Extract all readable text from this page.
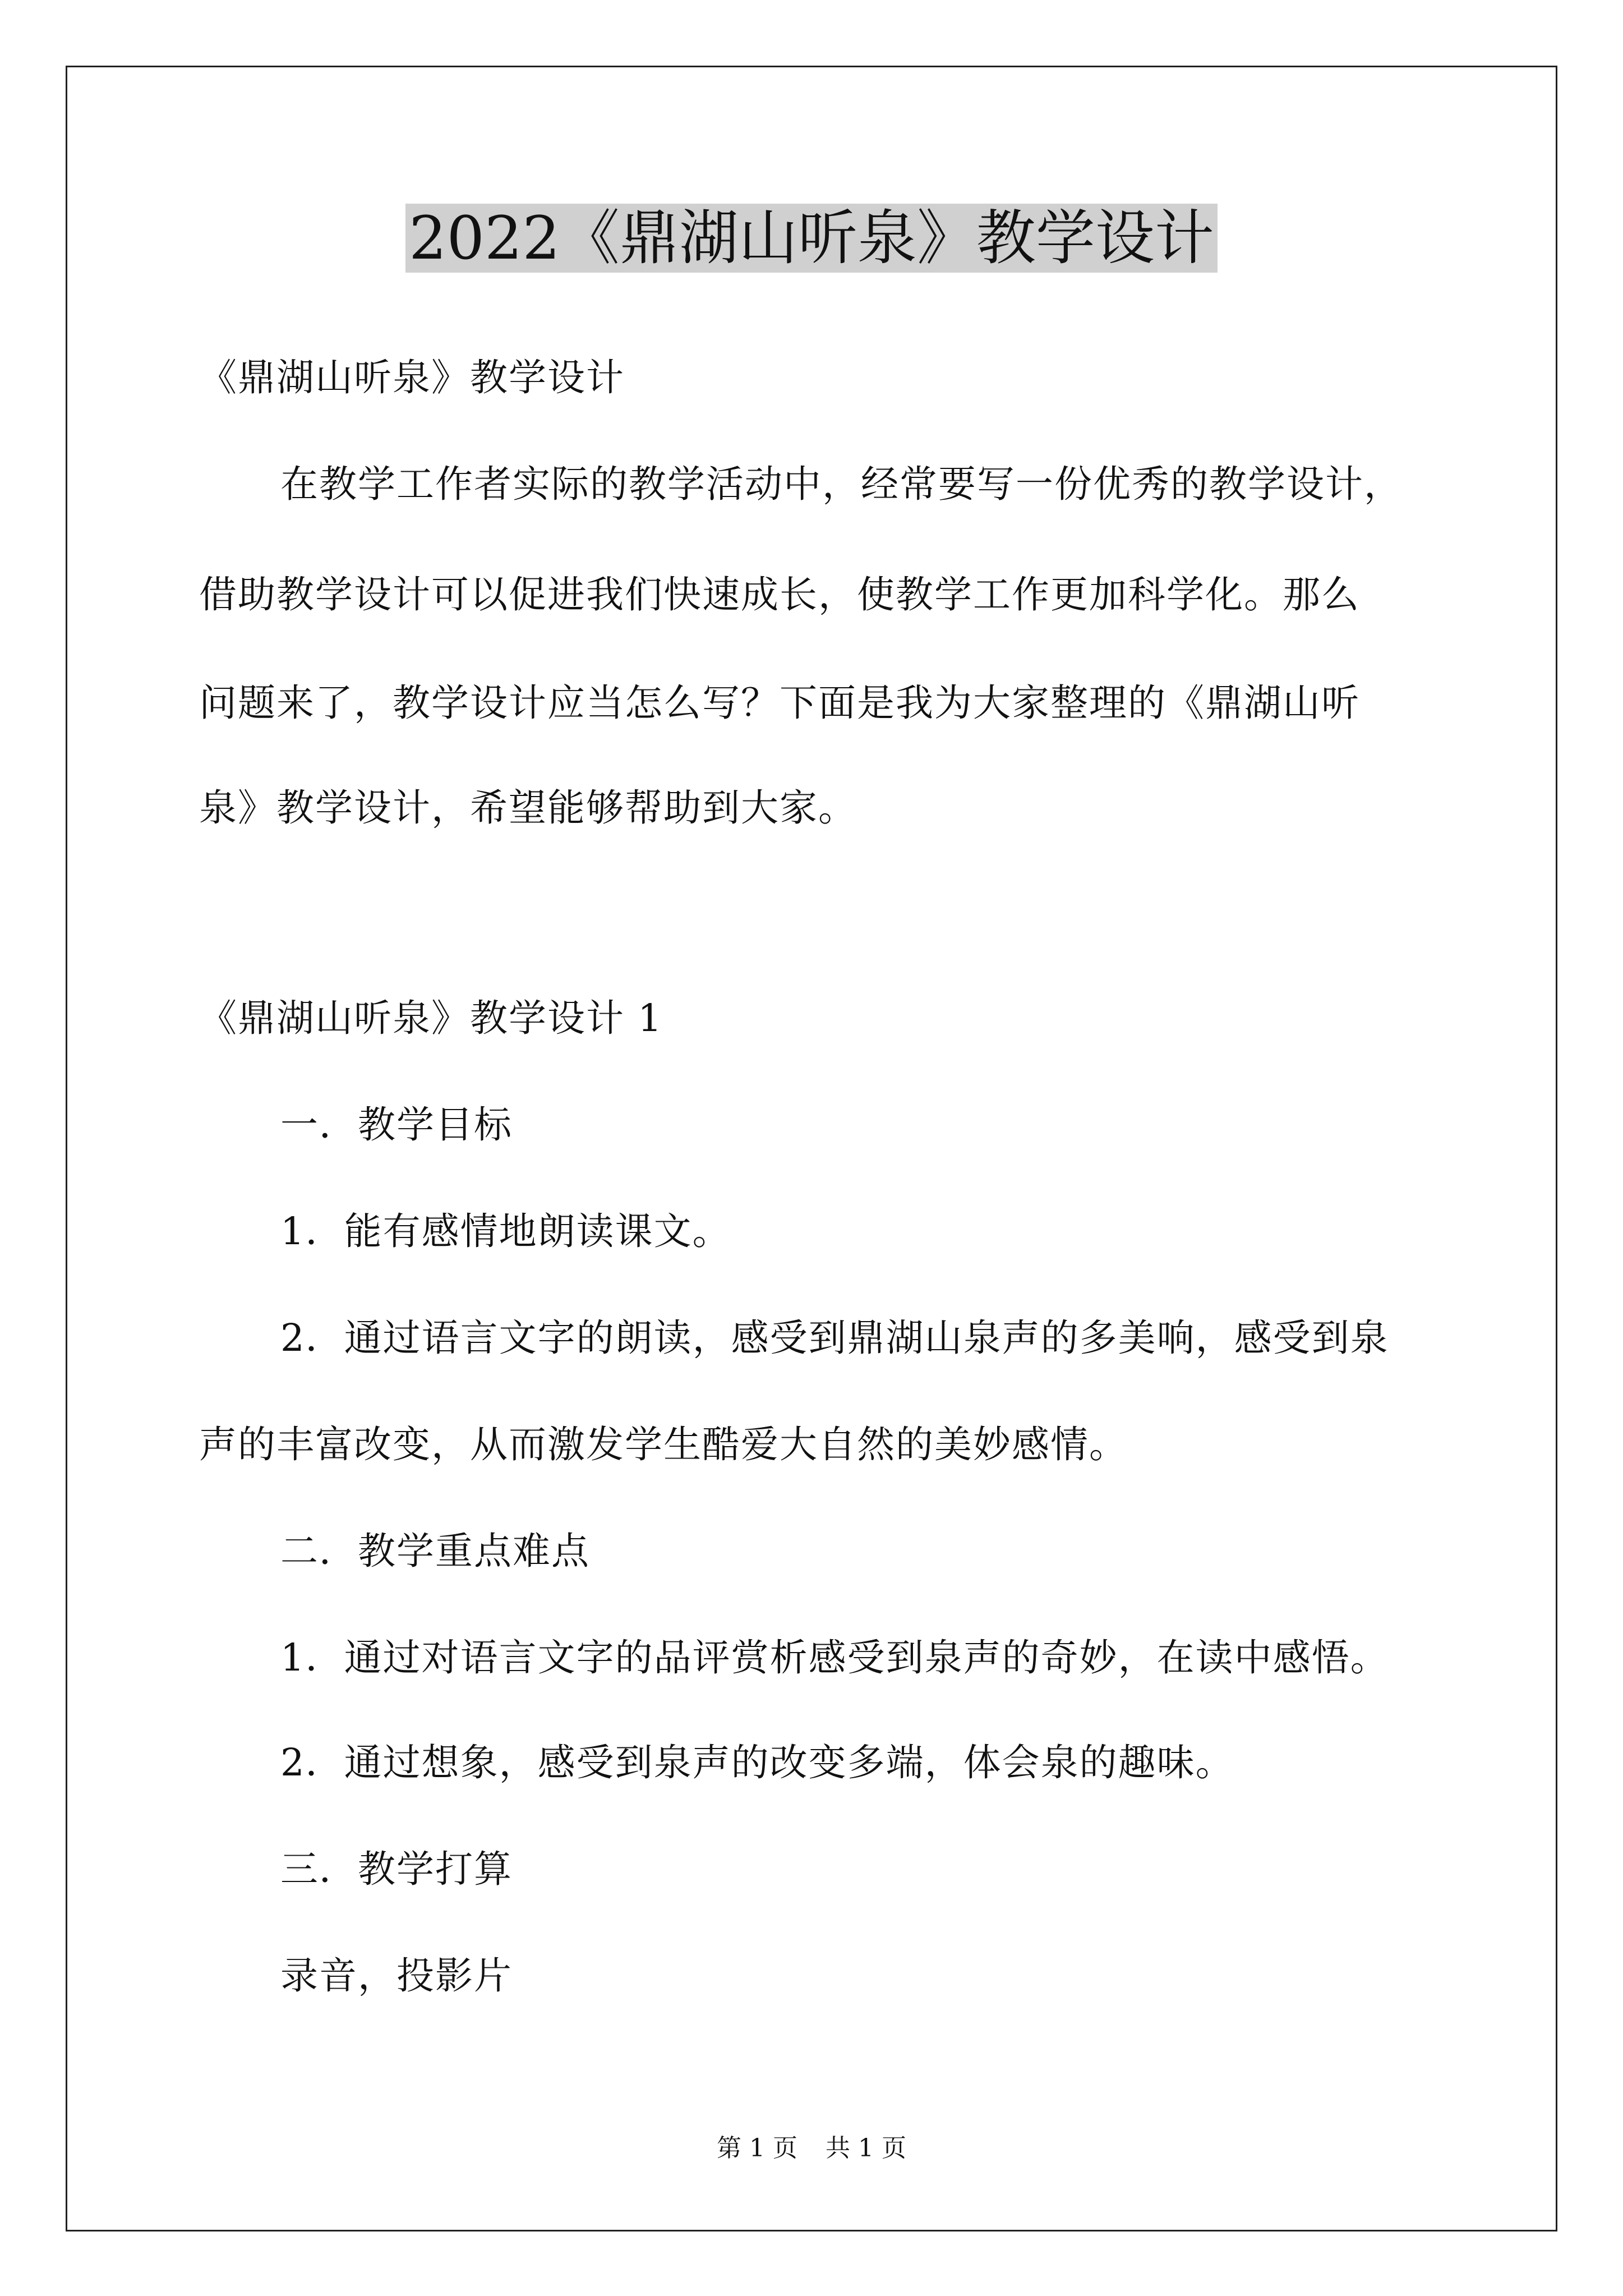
2022《鼎湖山听泉》教学设计
《鼎湖山听泉》教学设计
在教学工作者实际的教学活动中，经常要写一份优秀的教学设计，
借助教学设计可以促进我们快速成长，使教学工作更加科学化。那么
问题来了，教学设计应当怎么写？下面是我为大家整理的《鼎湖山听
泉》教学设计，希望能够帮助到大家。
《鼎湖山听泉》教学设计 1
一．教学目标
1．能有感情地朗读课文。
2．通过语言文字的朗读，感受到鼎湖山泉声的多美响，感受到泉
声的丰富改变，从而激发学生酷爱大自然的美妙感情。
二．教学重点难点
1．通过对语言文字的品评赏析感受到泉声的奇妙，在读中感悟。
2．通过想象，感受到泉声的改变多端，体会泉的趣味。
三．教学打算
录音，投影片
第 1 页 共 1 页
